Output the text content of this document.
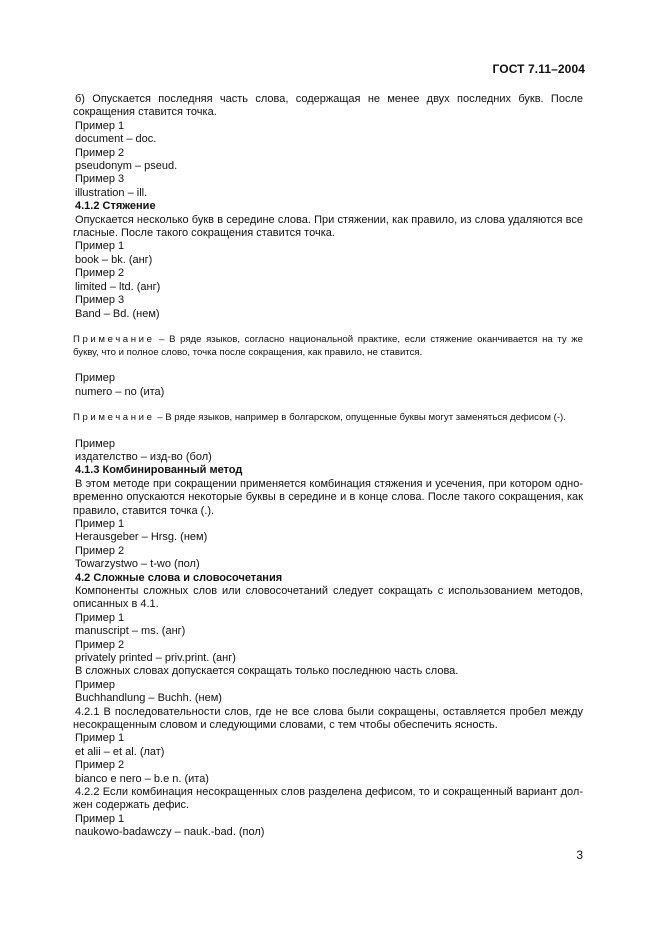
ГОСТ 7.11–2004

б) Опускается последняя часть слова, содержащая не менее двух последних букв. После сокращения ставится точка.

Пример 1

document – doc.

Пример 2

pseudonym – pseud.

Пример 3

illustration – ill.

4.1.2 Стяжение

Опускается несколько букв в середине слова. При стяжении, как правило, из слова удаляются все гласные. После такого сокращения ставится точка.

Пример 1

book – bk. (анг)

Пример 2

limited – ltd. (анг)

Пример 3

Band – Bd. (нем)

Примечание – В ряде языков, согласно национальной практике, если стяжение оканчивается на ту же букву, что и полное слово, точка после сокращения, как правило, не ставится.

Пример

numero – no (ита)

Примечание – В ряде языков, например в болгарском, опущенные буквы могут заменяться дефисом (-).

Пример

издателство – изд-во (бол)

4.1.3 Комбинированный метод

В этом методе при сокращении применяется комбинация стяжения и усечения, при котором одновременно опускаются некоторые буквы в середине и в конце слова. После такого сокращения, как правило, ставится точка (.).

Пример 1

Herausgeber – Hrsg. (нем)

Пример 2

Towarzystwo – t-wo (пол)

4.2 Сложные слова и словосочетания

Компоненты сложных слов или словосочетаний следует сокращать с использованием методов, описанных в 4.1.

Пример 1

manuscript – ms. (анг)

Пример 2

privately printed – priv.print. (анг)

В сложных словах допускается сокращать только последнюю часть слова.

Пример

Buchhandlung – Buchh. (нем)

4.2.1 В последовательности слов, где не все слова были сокращены, оставляется пробел между несокращенным словом и следующими словами, с тем чтобы обеспечить ясность.

Пример 1

et alii – et al. (лат)

Пример 2

bianco e nero – b.e n. (ита)

4.2.2 Если комбинация несокращенных слов разделена дефисом, то и сокращенный вариант должен содержать дефис.

Пример 1

naukowo-badawczy – nauk.-bad. (пол)

3
